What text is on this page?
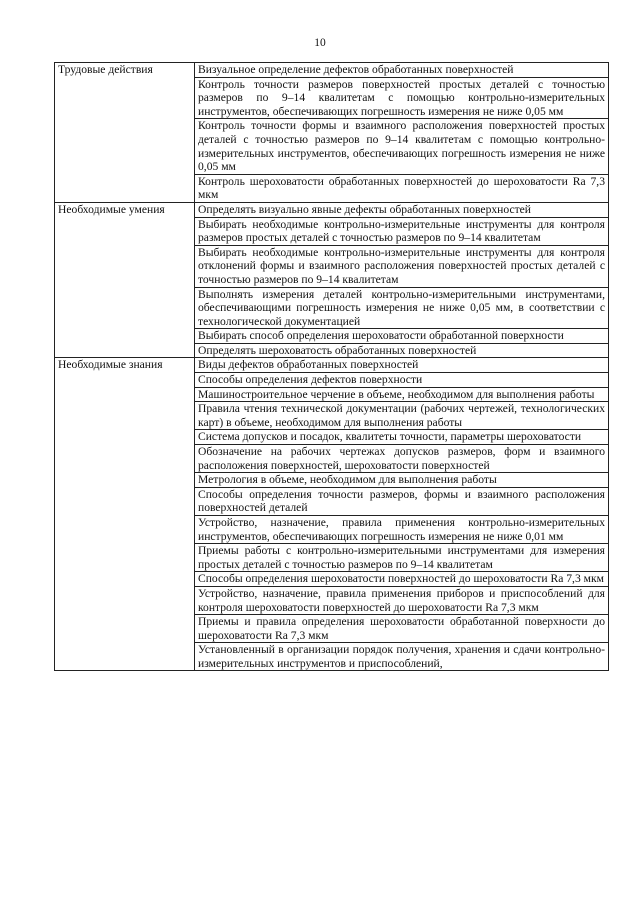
10
Трудовые действия	Визуальное определение дефектов обработанных поверхностей
	Контроль точности размеров поверхностей простых деталей с точностью размеров по 9–14 квалитетам с помощью контрольно-измерительных инструментов, обеспечивающих погрешность измерения не ниже 0,05 мм
	Контроль точности формы и взаимного расположения поверхностей простых деталей с точностью размеров по 9–14 квалитетам с помощью контрольно-измерительных инструментов, обеспечивающих погрешность измерения не ниже 0,05 мм
	Контроль шероховатости обработанных поверхностей до шероховатости Ra 7,3 мкм
Необходимые умения	Определять визуально явные дефекты обработанных поверхностей
	Выбирать необходимые контрольно-измерительные инструменты для контроля размеров простых деталей с точностью размеров по 9–14 квалитетам
	Выбирать необходимые контрольно-измерительные инструменты для контроля отклонений формы и взаимного расположения поверхностей простых деталей с точностью размеров по 9–14 квалитетам
	Выполнять измерения деталей контрольно-измерительными инструментами, обеспечивающими погрешность измерения не ниже 0,05 мм, в соответствии с технологической документацией
	Выбирать способ определения шероховатости обработанной поверхности
	Определять шероховатость обработанных поверхностей
Необходимые знания	Виды дефектов обработанных поверхностей
	Способы определения дефектов поверхности
	Машиностроительное черчение в объеме, необходимом для выполнения работы
	Правила чтения технической документации (рабочих чертежей, технологических карт) в объеме, необходимом для выполнения работы
	Система допусков и посадок, квалитеты точности, параметры шероховатости
	Обозначение на рабочих чертежах допусков размеров, форм и взаимного расположения поверхностей, шероховатости поверхностей
	Метрология в объеме, необходимом для выполнения работы
	Способы определения точности размеров, формы и взаимного расположения поверхностей деталей
	Устройство, назначение, правила применения контрольно-измерительных инструментов, обеспечивающих погрешность измерения не ниже 0,01 мм
	Приемы работы с контрольно-измерительными инструментами для измерения простых деталей с точностью размеров по 9–14 квалитетам
	Способы определения шероховатости поверхностей до шероховатости Ra 7,3 мкм
	Устройство, назначение, правила применения приборов и приспособлений для контроля шероховатости поверхностей до шероховатости Ra 7,3 мкм
	Приемы и правила определения шероховатости обработанной поверхности до шероховатости Ra 7,3 мкм

	Установленный в организации порядок получения, хранения и сдачи контрольно-измерительных инструментов и приспособлений,
